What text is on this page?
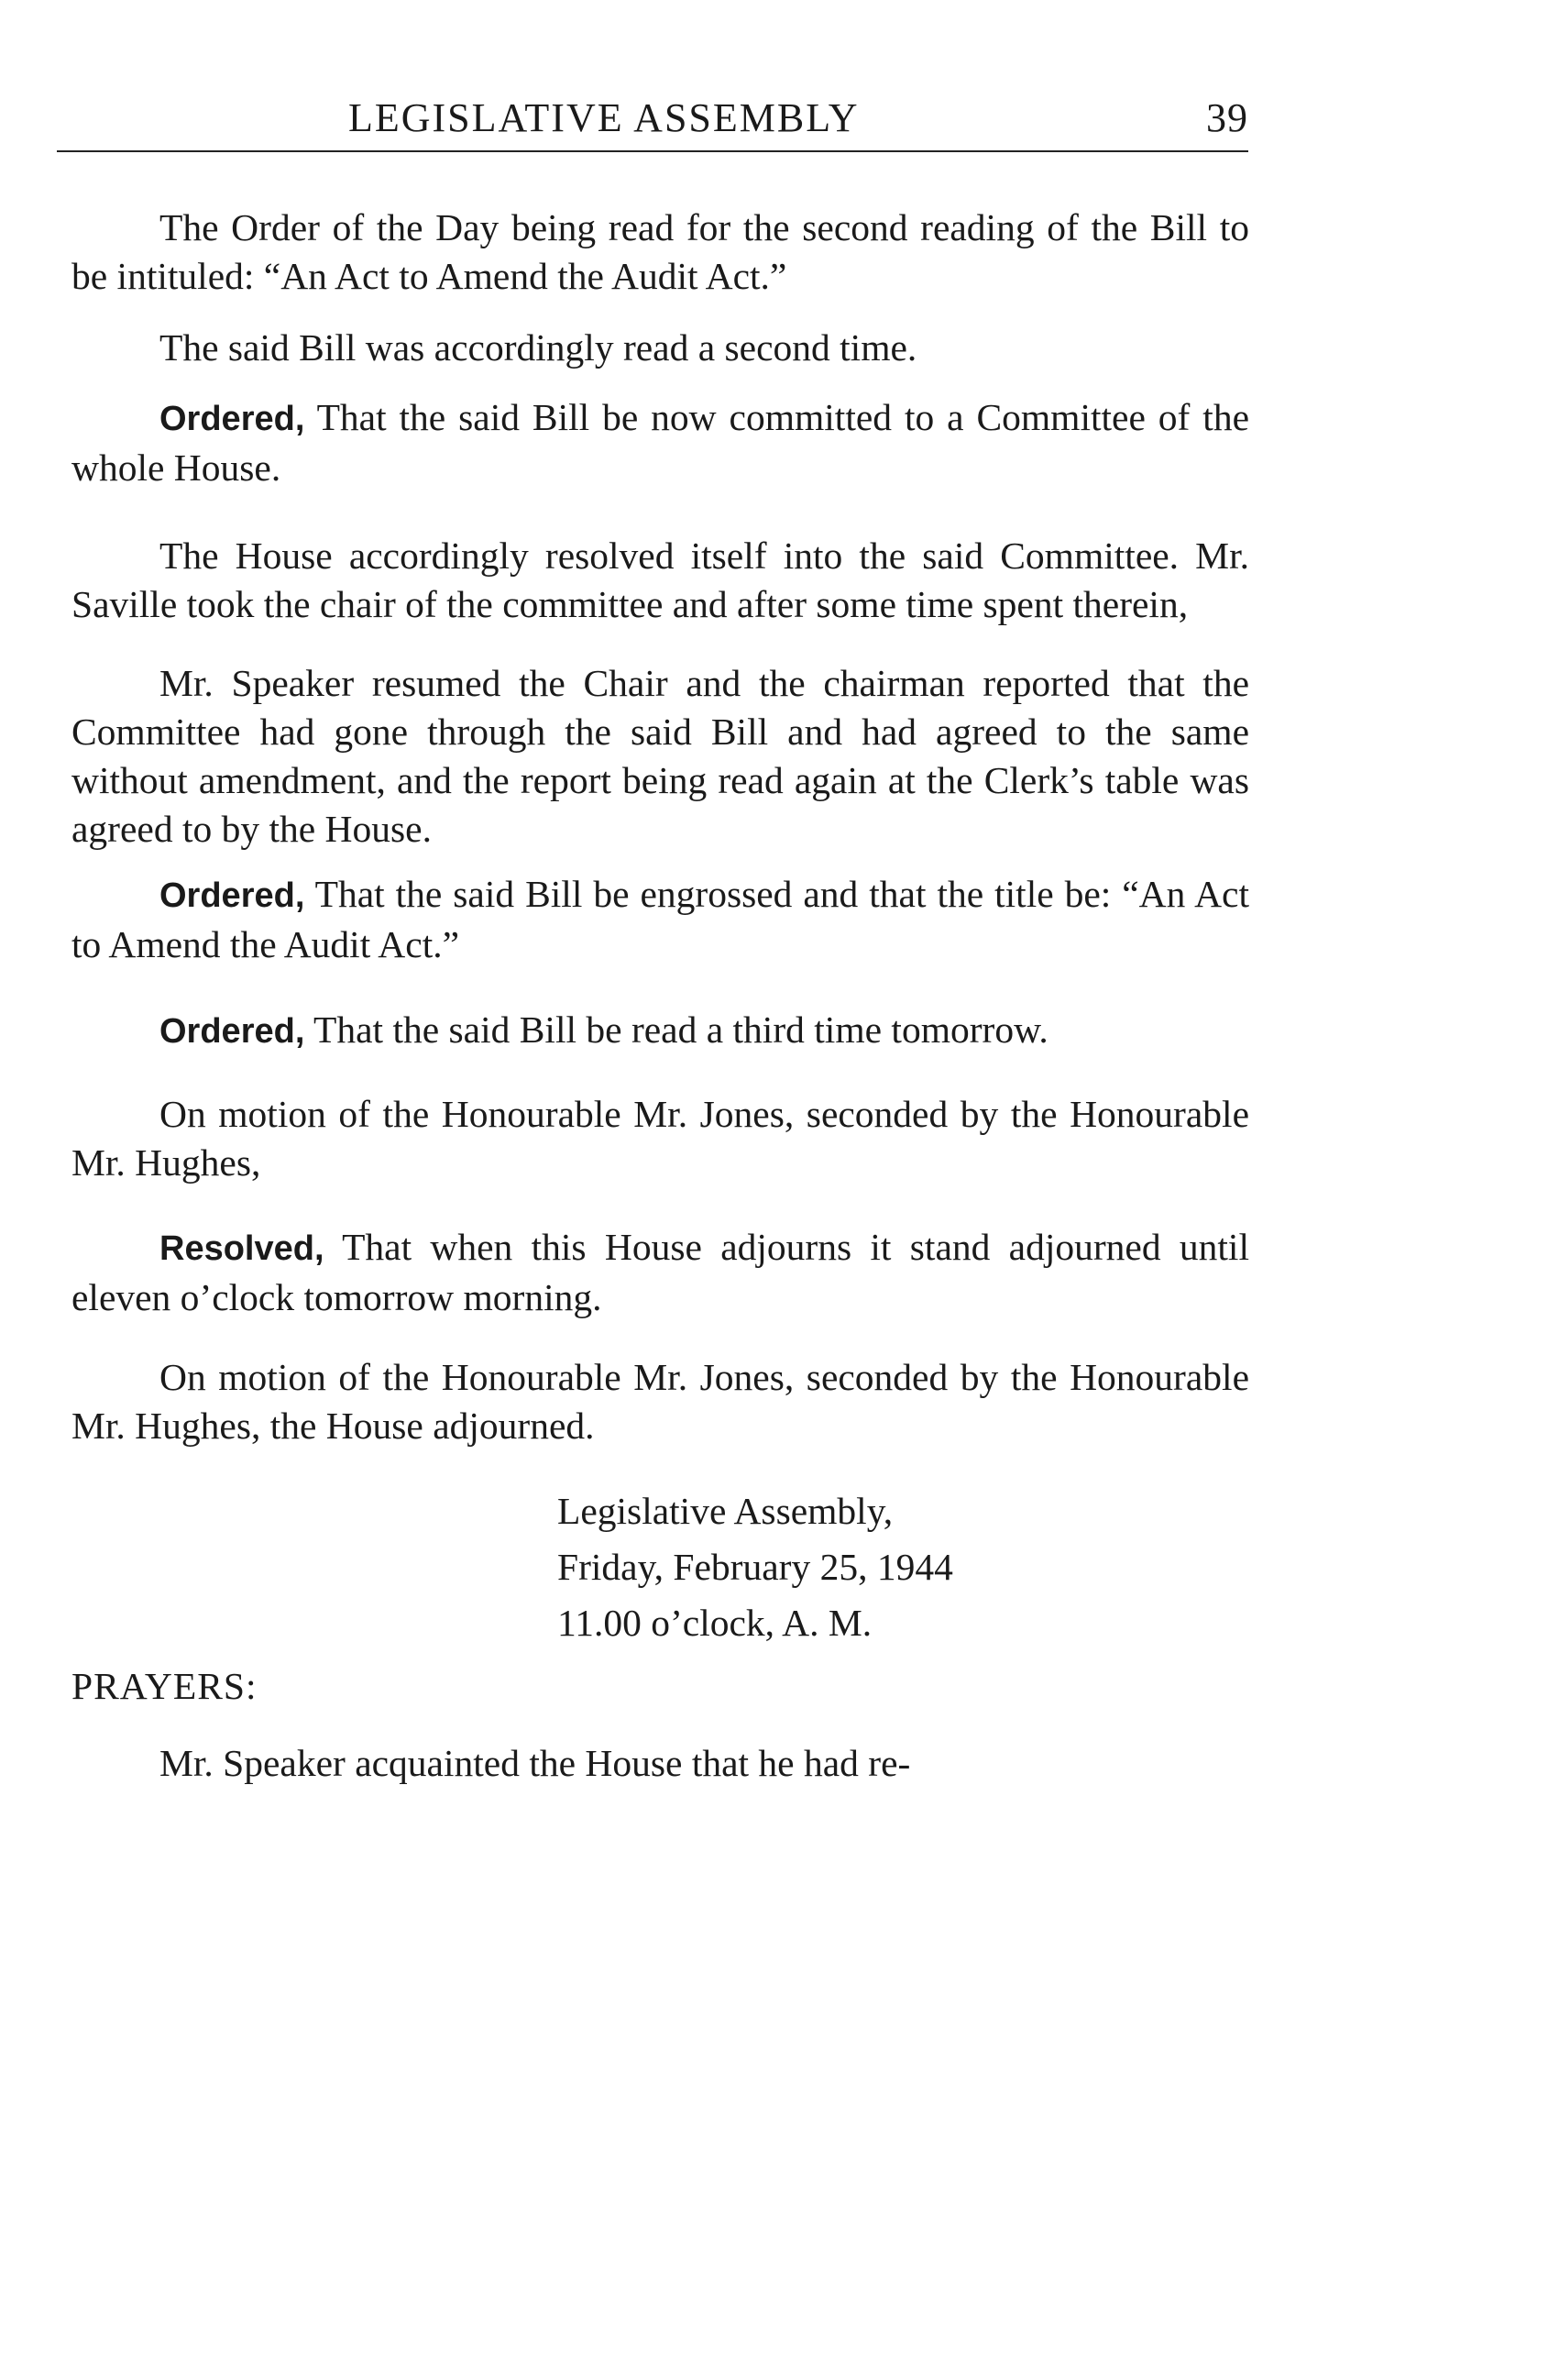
LEGISLATIVE ASSEMBLY	39

The Order of the Day being read for the second reading of the Bill to be intituled: “An Act to Amend the Audit Act.”

The said Bill was accordingly read a second time.

Ordered, That the said Bill be now committed to a Committee of the whole House.

The House accordingly resolved itself into the said Committee. Mr. Saville took the chair of the committee and after some time spent therein,

Mr. Speaker resumed the Chair and the chairman reported that the Committee had gone through the said Bill and had agreed to the same without amendment, and the report being read again at the Clerk’s table was agreed to by the House.

Ordered, That the said Bill be engrossed and that the title be: “An Act to Amend the Audit Act.”

Ordered, That the said Bill be read a third time tomorrow.

On motion of the Honourable Mr. Jones, seconded by the Honourable Mr. Hughes,

Resolved, That when this House adjourns it stand adjourned until eleven o’clock tomorrow morning.

On motion of the Honourable Mr. Jones, seconded by the Honourable Mr. Hughes, the House adjourned.

Legislative Assembly,
Friday, February 25, 1944
11.00 o’clock, A. M.
PRAYERS:

Mr. Speaker acquainted the House that he had re-
